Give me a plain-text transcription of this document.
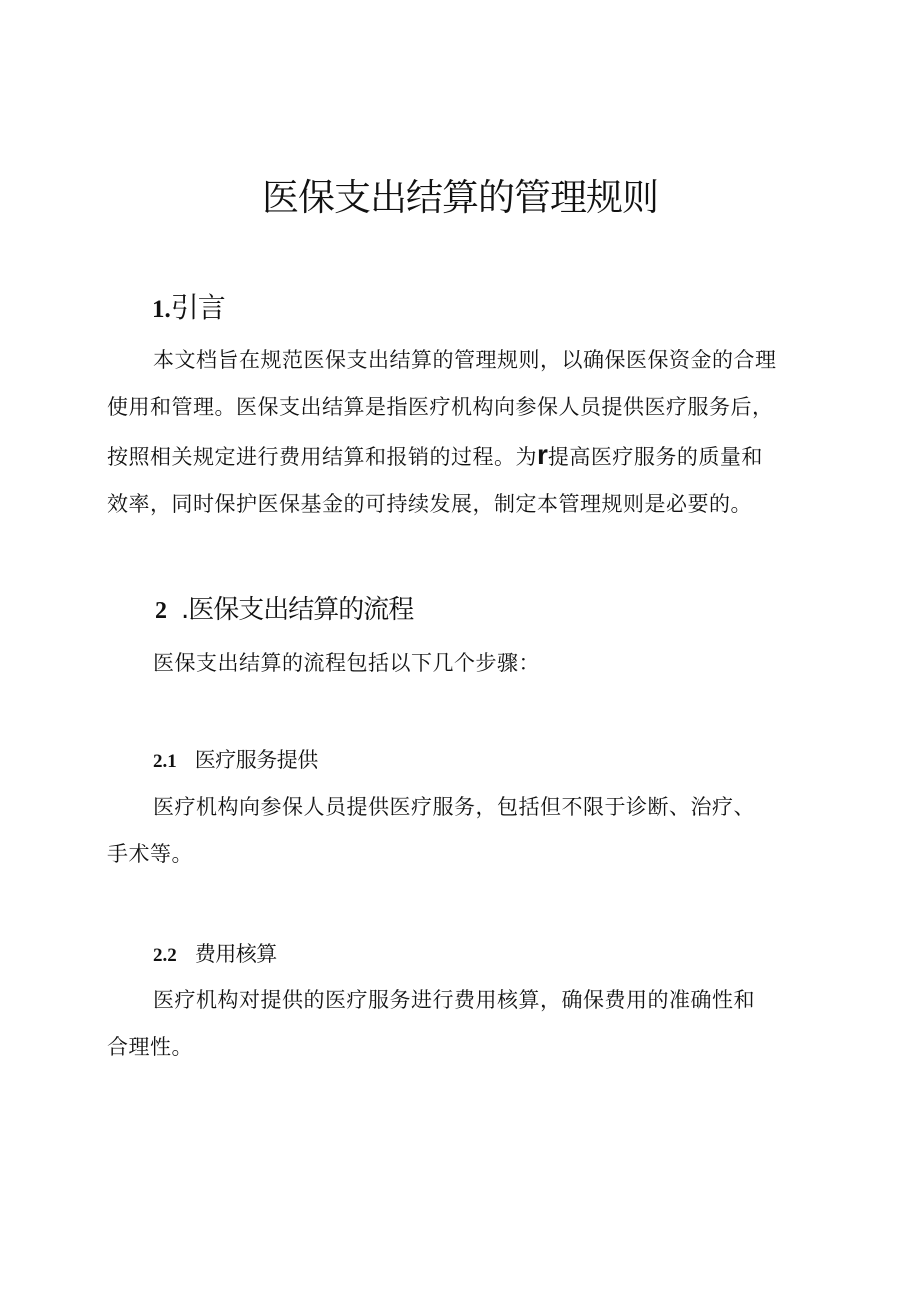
医保支出结算的管理规则
1.引言

本文档旨在规范医保支出结算的管理规则，以确保医保资金的合理
使用和管理。医保支出结算是指医疗机构向参保人员提供医疗服务后，
按照相关规定进行费用结算和报销的过程。为r提高医疗服务的质量和
效率，同时保护医保基金的可持续发展，制定本管理规则是必要的。

2 .医保支出结算的流程

医保支出结算的流程包括以下几个步骤：

2.1 医疗服务提供

医疗机构向参保人员提供医疗服务，包括但不限于诊断、治疗、
手术等。

2.2 费用核算

医疗机构对提供的医疗服务进行费用核算，确保费用的准确性和
合理性。
